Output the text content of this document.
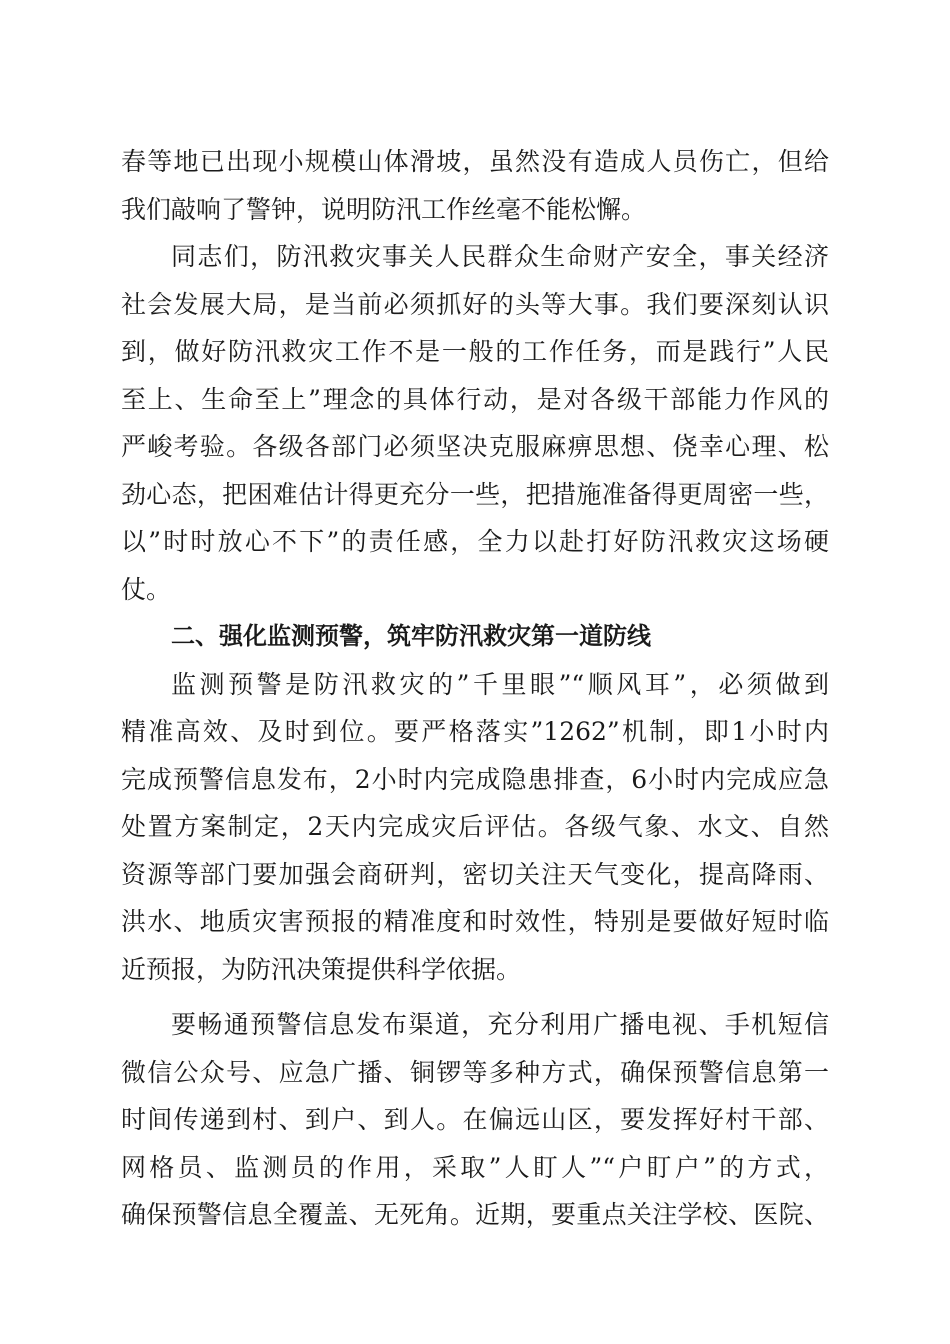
春等地已出现小规模山体滑坡，虽然没有造成人员伤亡，但给
我们敲响了警钟，说明防汛工作丝毫不能松懈。
同志们，防汛救灾事关人民群众生命财产安全，事关经济
社会发展大局，是当前必须抓好的头等大事。我们要深刻认识
到，做好防汛救灾工作不是一般的工作任务，而是践行”人民
至上、生命至上”理念的具体行动，是对各级干部能力作风的
严峻考验。各级各部门必须坚决克服麻痹思想、侥幸心理、松
劲心态，把困难估计得更充分一些，把措施准备得更周密一些，
以”时时放心不下”的责任感，全力以赴打好防汛救灾这场硬
仗。
二、强化监测预警，筑牢防汛救灾第一道防线
监测预警是防汛救灾的”千里眼”“顺风耳”，必须做到
精准高效、及时到位。要严格落实”1262”机制，即1小时内
完成预警信息发布，2小时内完成隐患排查，6小时内完成应急
处置方案制定，2天内完成灾后评估。各级气象、水文、自然
资源等部门要加强会商研判，密切关注天气变化，提高降雨、
洪水、地质灾害预报的精准度和时效性，特别是要做好短时临
近预报，为防汛决策提供科学依据。
要畅通预警信息发布渠道，充分利用广播电视、手机短信
微信公众号、应急广播、铜锣等多种方式，确保预警信息第一
时间传递到村、到户、到人。在偏远山区，要发挥好村干部、
网格员、监测员的作用，采取”人盯人”“户盯户”的方式，
确保预警信息全覆盖、无死角。近期，要重点关注学校、医院、
